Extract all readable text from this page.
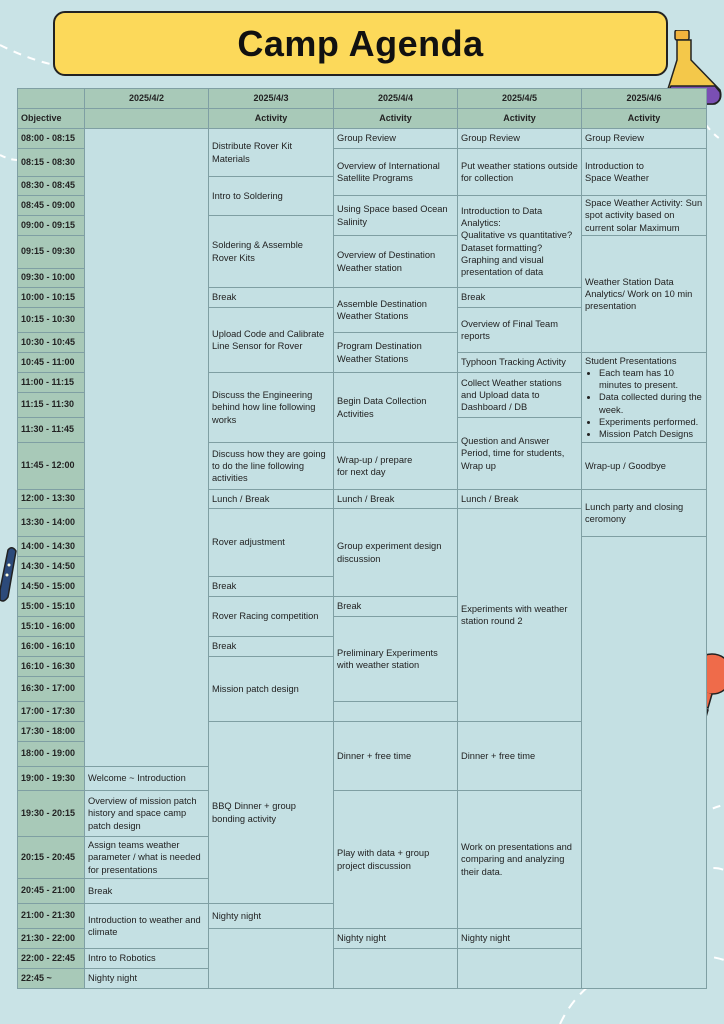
Camp Agenda
Objective
2025/4/2	2025/4/3
Activity
2025/4/4
Activity
2025/4/5
Activity
2025/4/6
Activity
08:00 - 08:15
08:15 - 08:30
08:30 - 08:45
08:45 - 09:00
09:00 - 09:15
09:15 - 09:30
09:30 - 10:00
10:00 - 10:15
10:15 - 10:30
10:30 - 10:45
10:45 - 11:00
11:00 - 11:15
11:15 - 11:30
11:30 - 11:45
11:45 - 12:00
12:00 - 13:30
13:30 - 14:00
14:00 - 14:30
14:30 - 14:50
14:50 - 15:00
15:00 - 15:10
15:10 - 16:00
16:00 - 16:10
16:10 - 16:30
16:30 - 17:00
17:00 - 17:30
17:30 - 18:00
18:00 - 19:00
19:00 - 19:30
19:30 - 20:15
20:15 - 20:45
20:45 - 21:00
21:00 - 21:30
21:30 - 22:00
22:00 - 22:45
22:45 ~
Welcome ~ Introduction
Overview of mission patch history and space camp patch design
Assign teams weather parameter / what is needed for presentations
Break
Introduction to weather and climate
Intro to Robotics
Nighty night
Distribute Rover Kit Materials
Intro to Soldering
Soldering & Assemble Rover Kits
Break
Upload Code and Calibrate Line Sensor for Rover
Discuss the Engineering behind how line following works
Discuss how they are going to do the line following activities
Lunch / Break
Rover adjustment
Break
Rover Racing competition
Break
Mission patch design
BBQ Dinner + group bonding activity
Nighty night
Group Review
Overview of International Satellite Programs
Using Space based Ocean Salinity
Overview of Destination Weather station
Assemble Destination Weather Stations
Program Destination Weather Stations
Begin Data Collection Activities
Wrap-up / prepare
for next day
Lunch / Break
Group experiment design discussion
Break
Preliminary Experiments with weather station
Dinner + free time
Play with data + group project discussion
Nighty night
Group Review
Put weather stations outside for collection
Introduction to Data Analytics:
Qualitative vs quantitative?
Dataset formatting?
Graphing and visual presentation of data
Break
Overview of Final Team reports
Typhoon Tracking Activity
Collect Weather stations and Upload data to Dashboard / DB
Question and Answer Period, time for students, Wrap up
Lunch / Break
Experiments with weather station round 2
Dinner + free time
Work on presentations and comparing and analyzing their data.
Nighty night
Group Review
Introduction to
Space Weather
Space Weather Activity: Sun spot activity based on current solar Maximum
Weather Station Data Analytics/ Work on 10 min presentation
Wrap-up / Goodbye
Lunch party and closing ceromony
Student Presentations
• Each team has 10 minutes to present.
• Data collected during the week.
• Experiments performed.
• Mission Patch Designs
